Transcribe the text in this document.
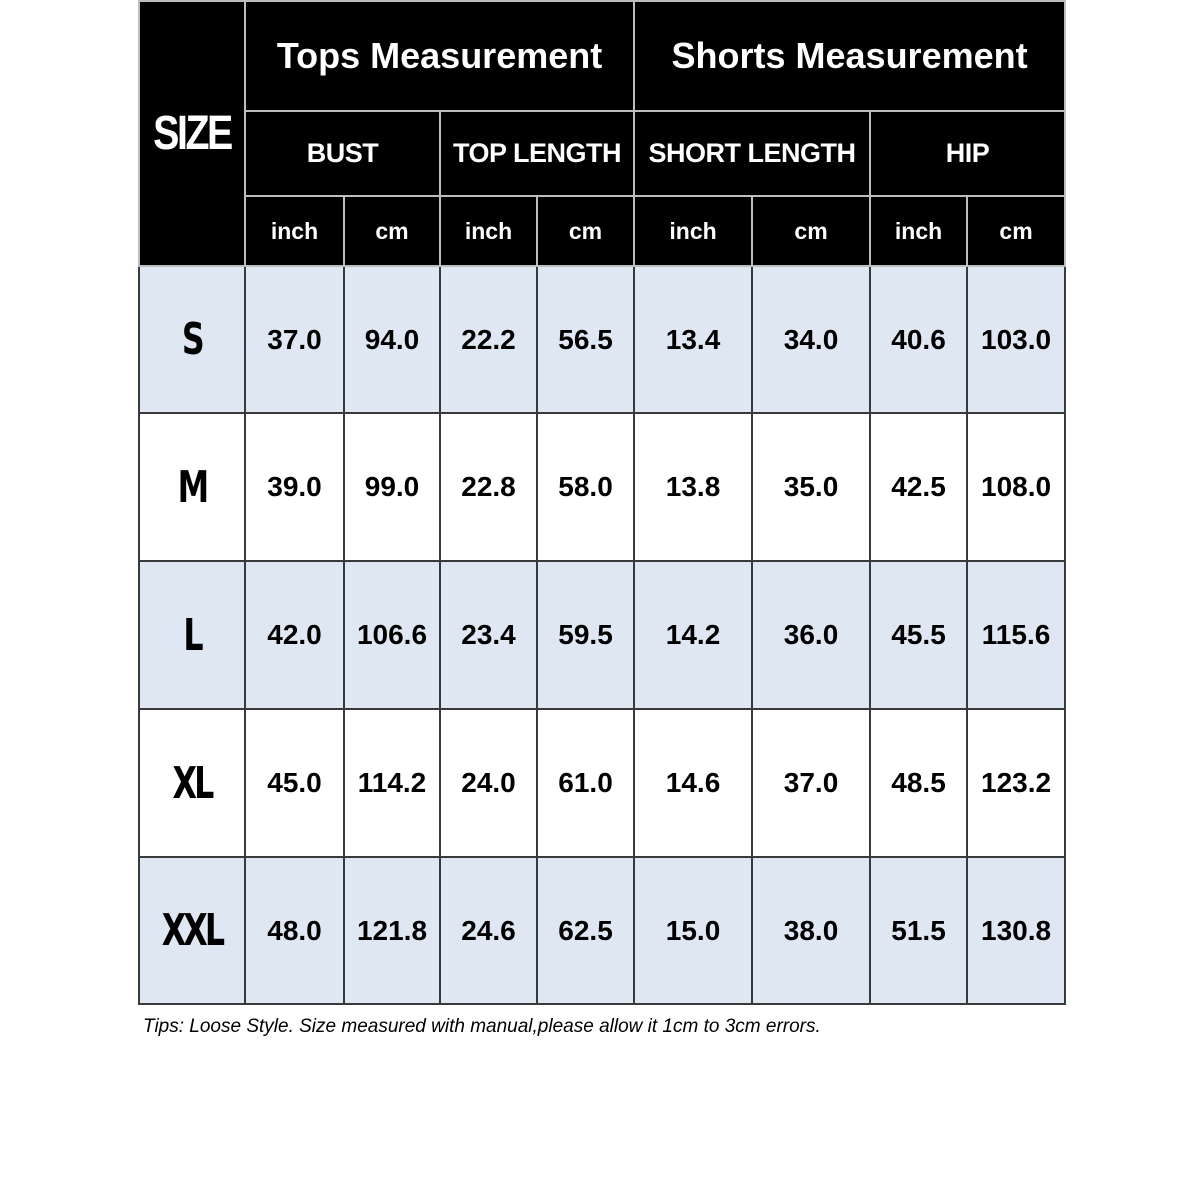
SIZE	Tops Measurement				Shorts Measurement			
	BUST		TOP LENGTH		SHORT LENGTH		HIP	
	inch	cm	inch	cm	inch	cm	inch	cm
S	37.0	94.0	22.2	56.5	13.4	34.0	40.6	103.0
M	39.0	99.0	22.8	58.0	13.8	35.0	42.5	108.0
L	42.0	106.6	23.4	59.5	14.2	36.0	45.5	115.6
XL	45.0	114.2	24.0	61.0	14.6	37.0	48.5	123.2
XXL	48.0	121.8	24.6	62.5	15.0	38.0	51.5	130.8
Tips: Loose Style. Size measured with manual,please allow it 1cm to 3cm errors.
